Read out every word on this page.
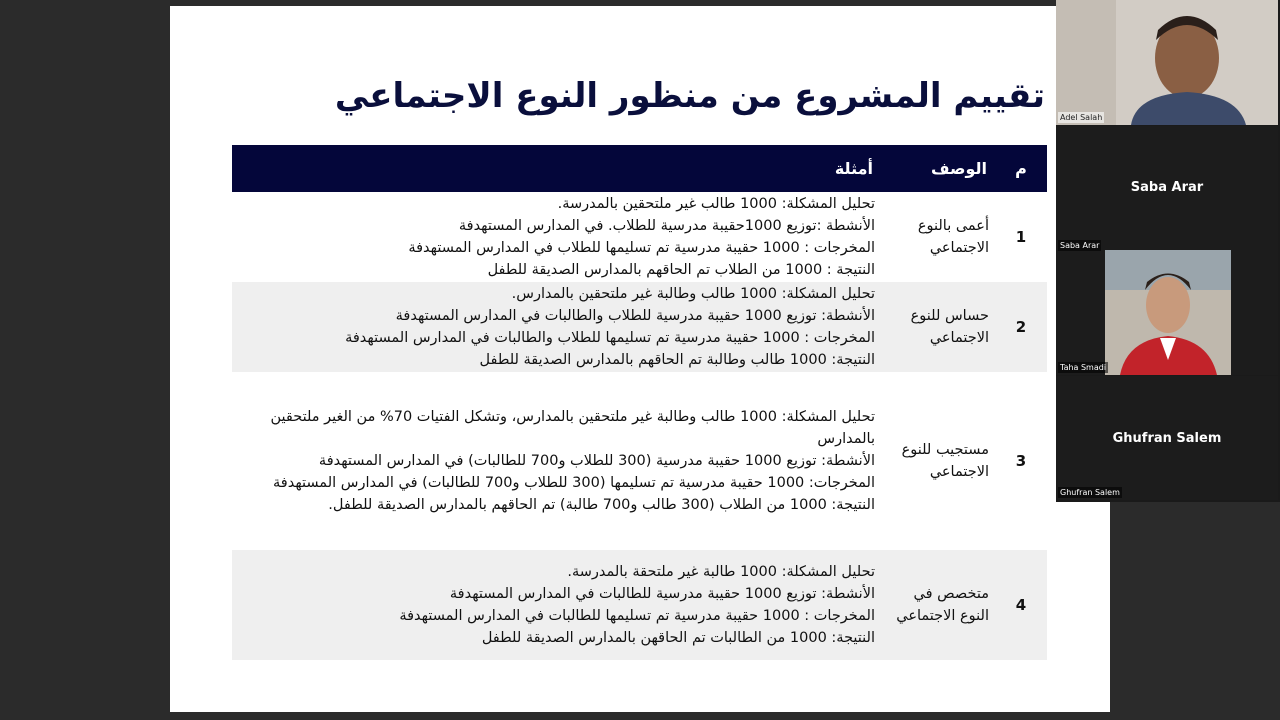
تقييم المشروع من منظور النوع الاجتماعي
م	الوصف	أمثلة
1	أعمى بالنوع الاجتماعي	تحليل المشكلة: 1000 طالب غير ملتحقين بالمدرسة.
الأنشطة :توزيع 1000حقيبة مدرسية للطلاب. في المدارس المستهدفة
المخرجات : 1000 حقيبة مدرسية تم تسليمها للطلاب في المدارس المستهدفة
النتيجة : 1000 من الطلاب تم الحاقهم بالمدارس الصديقة للطفل

2	حساس للنوع الاجتماعي	تحليل المشكلة: 1000 طالب وطالبة غير ملتحقين بالمدارس.
الأنشطة: توزيع 1000 حقيبة مدرسية للطلاب والطالبات في المدارس المستهدفة
المخرجات : 1000 حقيبة مدرسية تم تسليمها للطلاب والطالبات في المدارس المستهدفة
النتيجة: 1000 طالب وطالبة تم الحاقهم بالمدارس الصديقة للطفل

3	مستجيب للنوع الاجتماعي	تحليل المشكلة: 1000 طالب وطالبة غير ملتحقين بالمدارس، وتشكل الفتيات 70% من الغير ملتحقين بالمدارس
الأنشطة: توزيع 1000 حقيبة مدرسية (300 للطلاب و700 للطالبات) في المدارس المستهدفة
المخرجات: 1000 حقيبة مدرسية تم تسليمها (300 للطلاب و700 للطالبات) في المدارس المستهدفة
النتيجة: 1000 من الطلاب (300 طالب و700 طالبة) تم الحاقهم بالمدارس الصديقة للطفل.

4	متخصص في النوع الاجتماعي	تحليل المشكلة: 1000 طالبة غير ملتحقة بالمدرسة.
الأنشطة: توزيع 1000 حقيبة مدرسية للطالبات في المدارس المستهدفة
المخرجات : 1000 حقيبة مدرسية تم تسليمها للطالبات في المدارس المستهدفة
النتيجة: 1000 من الطالبات تم الحاقهن بالمدارس الصديقة للطفل
Adel Salah
Saba Arar
Saba Arar
Taha Smadi
Ghufran Salem
Ghufran Salem
